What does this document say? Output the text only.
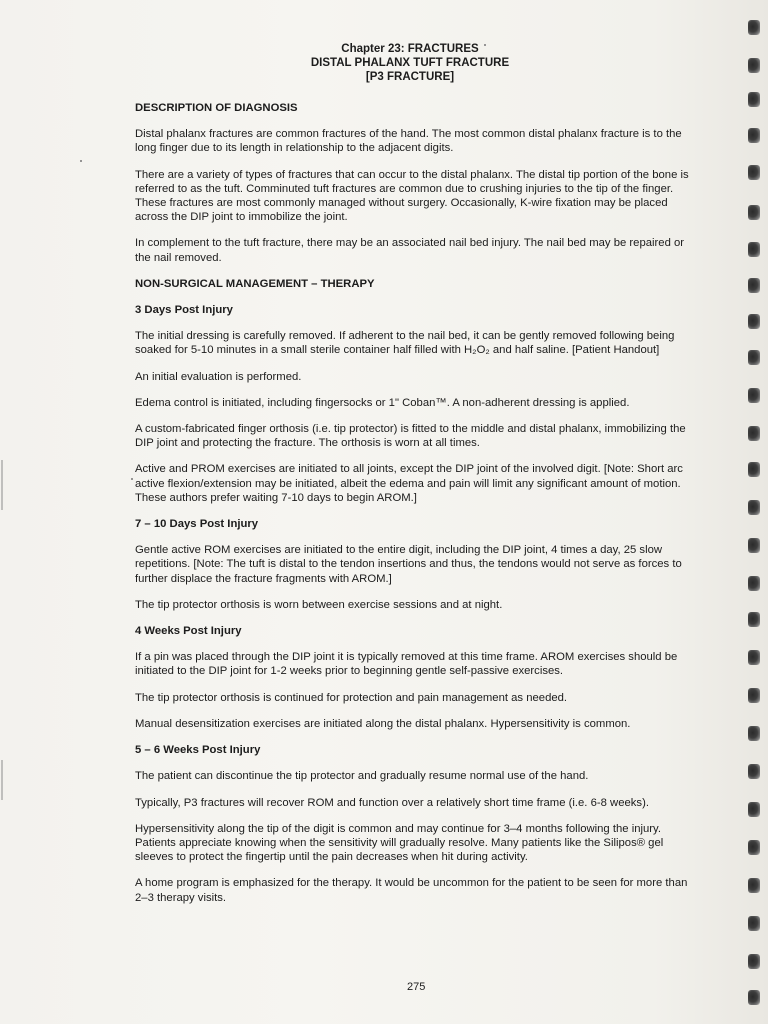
Chapter 23: FRACTURES
DISTAL PHALANX TUFT FRACTURE
[P3 FRACTURE]

DESCRIPTION OF DIAGNOSIS

Distal phalanx fractures are common fractures of the hand. The most common distal phalanx fracture is to the long finger due to its length in relationship to the adjacent digits.

There are a variety of types of fractures that can occur to the distal phalanx. The distal tip portion of the bone is referred to as the tuft. Comminuted tuft fractures are common due to crushing injuries to the tip of the finger. These fractures are most commonly managed without surgery. Occasionally, K-wire fixation may be placed across the DIP joint to immobilize the joint.

In complement to the tuft fracture, there may be an associated nail bed injury. The nail bed may be repaired or the nail removed.

NON-SURGICAL MANAGEMENT – THERAPY

3 Days Post Injury

The initial dressing is carefully removed. If adherent to the nail bed, it can be gently removed following being soaked for 5-10 minutes in a small sterile container half filled with H₂O₂ and half saline. [Patient Handout]

An initial evaluation is performed.

Edema control is initiated, including fingersocks or 1" Coban™. A non-adherent dressing is applied.

A custom-fabricated finger orthosis (i.e. tip protector) is fitted to the middle and distal phalanx, immobilizing the DIP joint and protecting the fracture. The orthosis is worn at all times.

Active and PROM exercises are initiated to all joints, except the DIP joint of the involved digit. [Note: Short arc active flexion/extension may be initiated, albeit the edema and pain will limit any significant amount of motion. These authors prefer waiting 7-10 days to begin AROM.]

7 – 10 Days Post Injury

Gentle active ROM exercises are initiated to the entire digit, including the DIP joint, 4 times a day, 25 slow repetitions. [Note: The tuft is distal to the tendon insertions and thus, the tendons would not serve as forces to further displace the fracture fragments with AROM.]

The tip protector orthosis is worn between exercise sessions and at night.

4 Weeks Post Injury

If a pin was placed through the DIP joint it is typically removed at this time frame. AROM exercises should be initiated to the DIP joint for 1-2 weeks prior to beginning gentle self-passive exercises.

The tip protector orthosis is continued for protection and pain management as needed.

Manual desensitization exercises are initiated along the distal phalanx. Hypersensitivity is common.

5 – 6 Weeks Post Injury

The patient can discontinue the tip protector and gradually resume normal use of the hand.

Typically, P3 fractures will recover ROM and function over a relatively short time frame (i.e. 6-8 weeks).

Hypersensitivity along the tip of the digit is common and may continue for 3–4 months following the injury. Patients appreciate knowing when the sensitivity will gradually resolve. Many patients like the Silipos® gel sleeves to protect the fingertip until the pain decreases when hit during activity.

A home program is emphasized for the therapy. It would be uncommon for the patient to be seen for more than 2–3 therapy visits.

275
